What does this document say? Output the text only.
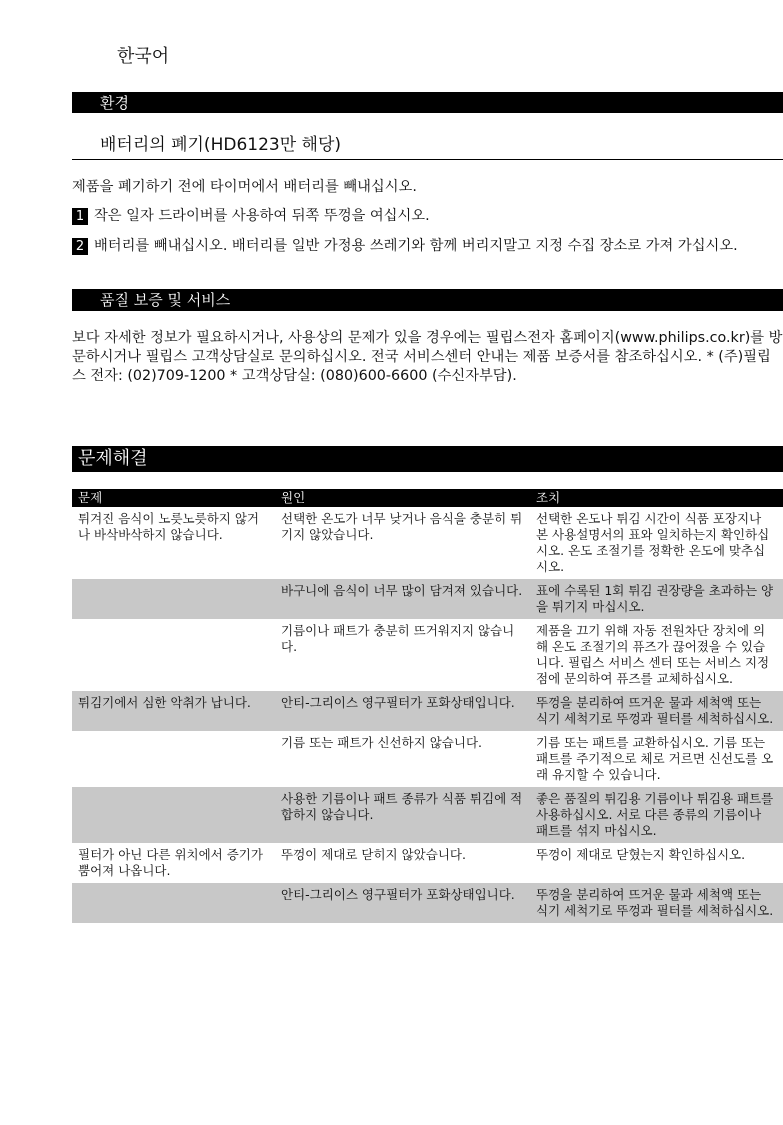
한국어
환경
배터리의 폐기(HD6123만 해당)
제품을 폐기하기 전에 타이머에서 배터리를 빼내십시오.
1 작은 일자 드라이버를 사용하여 뒤쪽 뚜껑을 여십시오.
2 배터리를 빼내십시오. 배터리를 일반 가정용 쓰레기와 함께 버리지말고 지정 수집 장소로 가져 가십시오.
품질 보증 및 서비스
보다 자세한 정보가 필요하시거나, 사용상의 문제가 있을 경우에는 필립스전자 홈페이지(www.philips.co.kr)를 방문하시거나 필립스 고객상담실로 문의하십시오. 전국 서비스센터 안내는 제품 보증서를 참조하십시오. * (주)필립스 전자: (02)709-1200 * 고객상담실: (080)600-6600 (수신자부담).
문제해결
문제	원인	조치
튀겨진 음식이 노릇노릇하지 않거나 바삭바삭하지 않습니다.	선택한 온도가 너무 낮거나 음식을 충분히 튀기지 않았습니다.	선택한 온도나 튀김 시간이 식품 포장지나 본 사용설명서의 표와 일치하는지 확인하십시오. 온도 조절기를 정확한 온도에 맞추십시오.
	바구니에 음식이 너무 많이 담겨져 있습니다.	표에 수록된 1회 튀김 권장량을 초과하는 양을 튀기지 마십시오.
	기름이나 패트가 충분히 뜨거워지지 않습니다.	제품을 끄기 위해 자동 전원차단 장치에 의해 온도 조절기의 퓨즈가 끊어졌을 수 있습니다. 필립스 서비스 센터 또는 서비스 지정점에 문의하여 퓨즈를 교체하십시오.
튀김기에서 심한 악취가 납니다.	안티-그리이스 영구필터가 포화상태입니다.	뚜껑을 분리하여 뜨거운 물과 세척액 또는 식기 세척기로 뚜껑과 필터를 세척하십시오.
	기름 또는 패트가 신선하지 않습니다.	기름 또는 패트를 교환하십시오. 기름 또는 패트를 주기적으로 체로 거르면 신선도를 오래 유지할 수 있습니다.
	사용한 기름이나 패트 종류가 식품 튀김에 적합하지 않습니다.	좋은 품질의 튀김용 기름이나 튀김용 패트를 사용하십시오. 서로 다른 종류의 기름이나 패트를 섞지 마십시오.
필터가 아닌 다른 위치에서 증기가 뿜어져 나옵니다.	뚜껑이 제대로 닫히지 않았습니다.	뚜껑이 제대로 닫혔는지 확인하십시오.
	안티-그리이스 영구필터가 포화상태입니다.	뚜껑을 분리하여 뜨거운 물과 세척액 또는 식기 세척기로 뚜껑과 필터를 세척하십시오.
